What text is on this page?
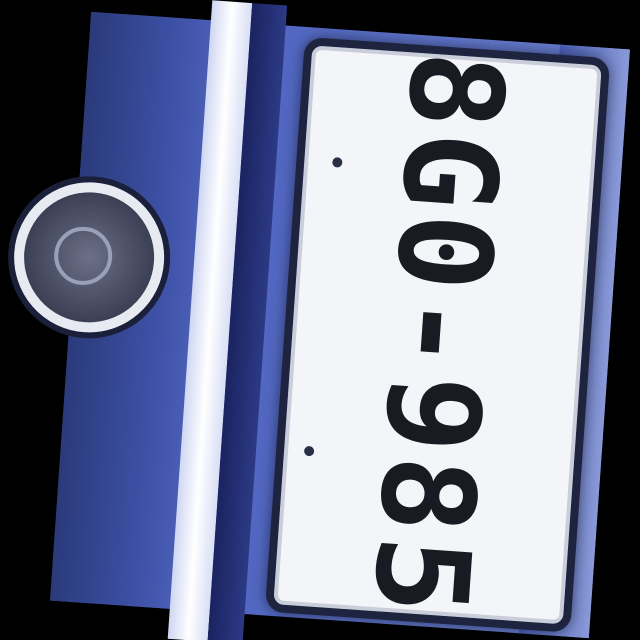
8G0-985
